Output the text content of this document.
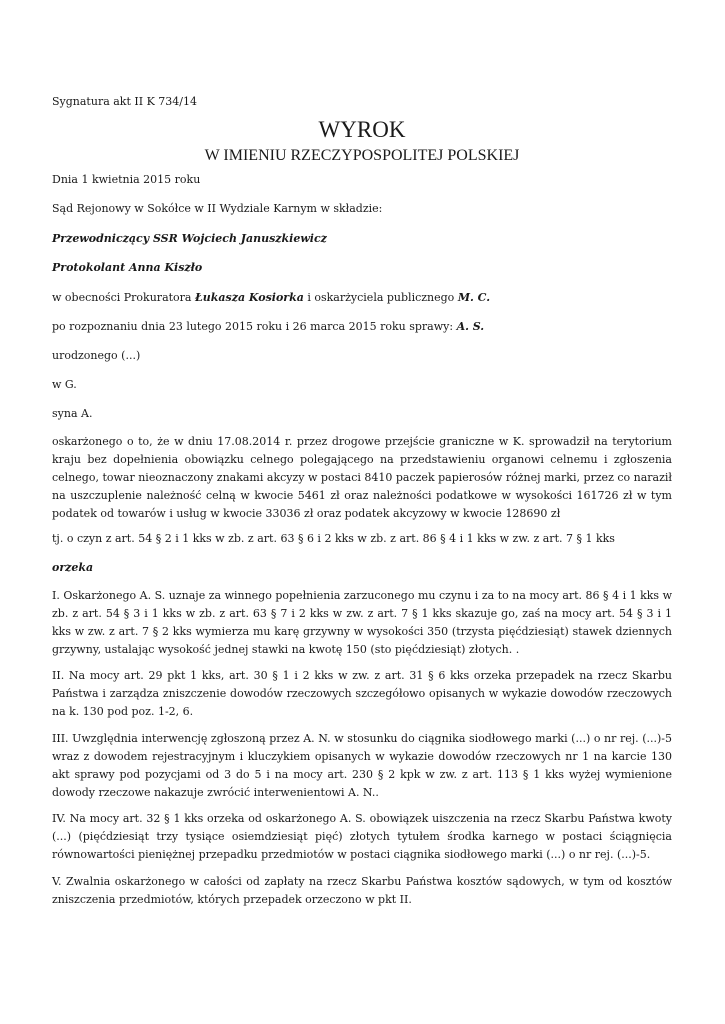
Sygnatura akt II K 734/14
WYROK
W IMIENIU RZECZYPOSPOLITEJ POLSKIEJ
Dnia 1 kwietnia 2015 roku
Sąd Rejonowy w Sokółce w II Wydziale Karnym w składzie:
Przewodniczący SSR Wojciech Januszkiewicz
Protokolant Anna Kiszło
w obecności Prokuratora Łukasza Kosiorka i oskarżyciela publicznego M. C.
po rozpoznaniu dnia 23 lutego 2015 roku i 26 marca 2015 roku sprawy: A. S.
urodzonego (...)
w G.
syna A.
oskarżonego o to, że w dniu 17.08.2014 r. przez drogowe przejście graniczne w K. sprowadził na terytorium kraju bez dopełnienia obowiązku celnego polegającego na przedstawieniu organowi celnemu i zgłoszenia celnego, towar nieoznaczony znakami akcyzy w postaci 8410 paczek papierosów różnej marki, przez co naraził na uszczuplenie należność celną w kwocie 5461 zł oraz należności podatkowe w wysokości 161726 zł w tym podatek od towarów i usług w kwocie 33036 zł oraz podatek akcyzowy w kwocie 128690 zł
tj. o czyn z art. 54 § 2 i 1 kks w zb. z art. 63 § 6 i 2 kks w zb. z art. 86 § 4 i 1 kks w zw. z art. 7 § 1 kks
orzeka
I. Oskarżonego A. S. uznaje za winnego popełnienia zarzuconego mu czynu i za to na mocy art. 86 § 4 i 1 kks w zb. z art. 54 § 3 i 1 kks w zb. z art. 63 § 7 i 2 kks w zw. z art. 7 § 1 kks skazuje go, zaś na mocy art. 54 § 3 i 1 kks w zw. z art. 7 § 2 kks wymierza mu karę grzywny w wysokości 350 (trzysta pięćdziesiąt) stawek dziennych grzywny, ustalając wysokość jednej stawki na kwotę 150 (sto pięćdziesiąt) złotych. .
II. Na mocy art. 29 pkt 1 kks, art. 30 § 1 i 2 kks w zw. z art. 31 § 6 kks orzeka przepadek na rzecz Skarbu Państwa i zarządza zniszczenie dowodów rzeczowych szczegółowo opisanych w wykazie dowodów rzeczowych na k. 130 pod poz. 1-2, 6.
III. Uwzględnia interwencję zgłoszoną przez A. N. w stosunku do ciągnika siodłowego marki (...) o nr rej. (...)-5 wraz z dowodem rejestracyjnym i kluczykiem opisanych w wykazie dowodów rzeczowych nr 1 na karcie 130 akt sprawy pod pozycjami od 3 do 5 i na mocy art. 230 § 2 kpk w zw. z art. 113 § 1 kks wyżej wymienione dowody rzeczowe nakazuje zwrócić interwenientowi A. N..
IV. Na mocy art. 32 § 1 kks orzeka od oskarżonego A. S. obowiązek uiszczenia na rzecz Skarbu Państwa kwoty (...) (pięćdziesiąt trzy tysiące osiemdziesiąt pięć) złotych tytułem środka karnego w postaci ściągnięcia równowartości pieniężnej przepadku przedmiotów w postaci ciągnika siodłowego marki (...) o nr rej. (...)-5.
V. Zwalnia oskarżonego w całości od zapłaty na rzecz Skarbu Państwa kosztów sądowych, w tym od kosztów zniszczenia przedmiotów, których przepadek orzeczono w pkt II.
